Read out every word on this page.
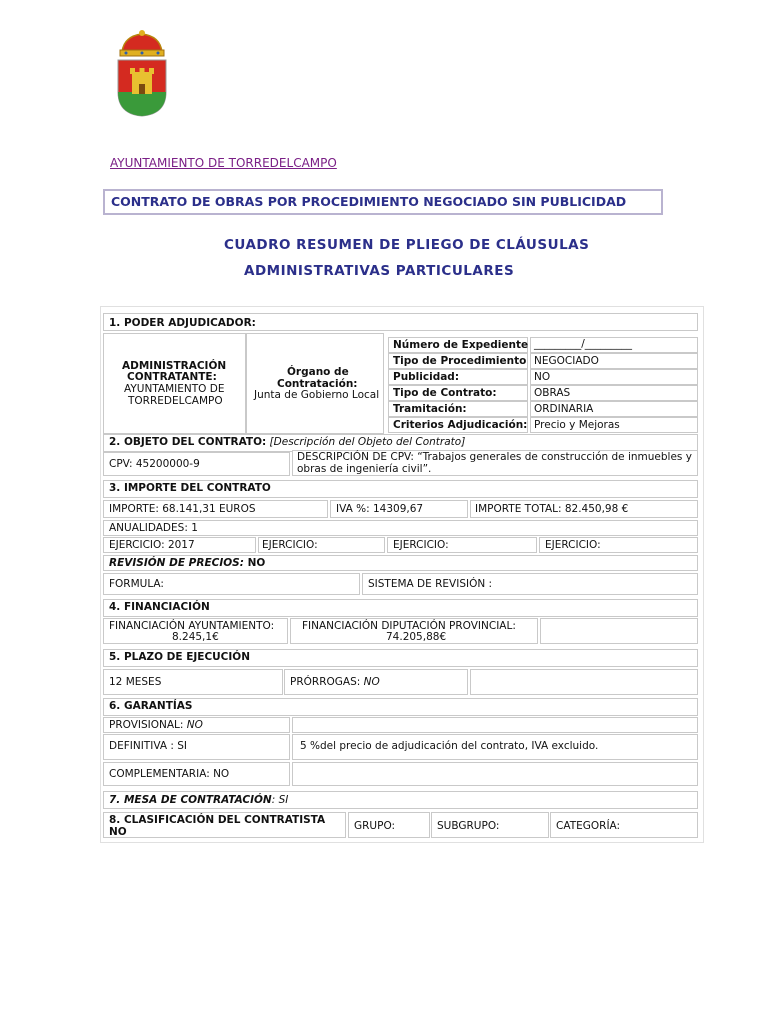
AYUNTAMIENTO DE TORREDELCAMPO
CONTRATO DE OBRAS POR PROCEDIMIENTO NEGOCIADO SIN PUBLICIDAD
CUADRO RESUMEN DE PLIEGO DE CLÁUSULAS
ADMINISTRATIVAS PARTICULARES
1. PODER ADJUDICADOR:
ADMINISTRACIÓN
CONTRATANTE:
AYUNTAMIENTO DE
TORREDELCAMPO
Órgano de
Contratación:
Junta de Gobierno Local
Número de Expediente _________/_________
Tipo de Procedimiento NEGOCIADO
Publicidad:	NO
Tipo de Contrato:	OBRAS
Tramitación:	ORDINARIA
Criterios Adjudicación: Precio y Mejoras
2. OBJETO DEL CONTRATO: [Descripción del Objeto del Contrato]
CPV: 45200000-9
DESCRIPCIÓN DE CPV: “Trabajos generales de construcción de inmuebles y
obras de ingeniería civil”.
3. IMPORTE DEL CONTRATO
IMPORTE: 68.141,31 EUROS	IVA %: 14309,67	IMPORTE TOTAL: 82.450,98 €
ANUALIDADES: 1
EJERCICIO: 2017	EJERCICIO:	EJERCICIO:	EJERCICIO:
REVISIÓN DE PRECIOS: NO
FORMULA:	SISTEMA DE REVISIÓN :
4. FINANCIACIÓN
FINANCIACIÓN AYUNTAMIENTO:
8.245,1€
FINANCIACIÓN DIPUTACIÓN PROVINCIAL:
74.205,88€
5. PLAZO DE EJECUCIÓN
12 MESES	PRÓRROGAS: NO
6. GARANTÍAS
PROVISIONAL: NO
DEFINITIVA : SI	5 %del precio de adjudicación del contrato, IVA excluido.
COMPLEMENTARIA: NO
7. MESA DE CONTRATACIÓN: SI
8. CLASIFICACIÓN DEL CONTRATISTA
NO	GRUPO:	SUBGRUPO:	CATEGORÍA:
